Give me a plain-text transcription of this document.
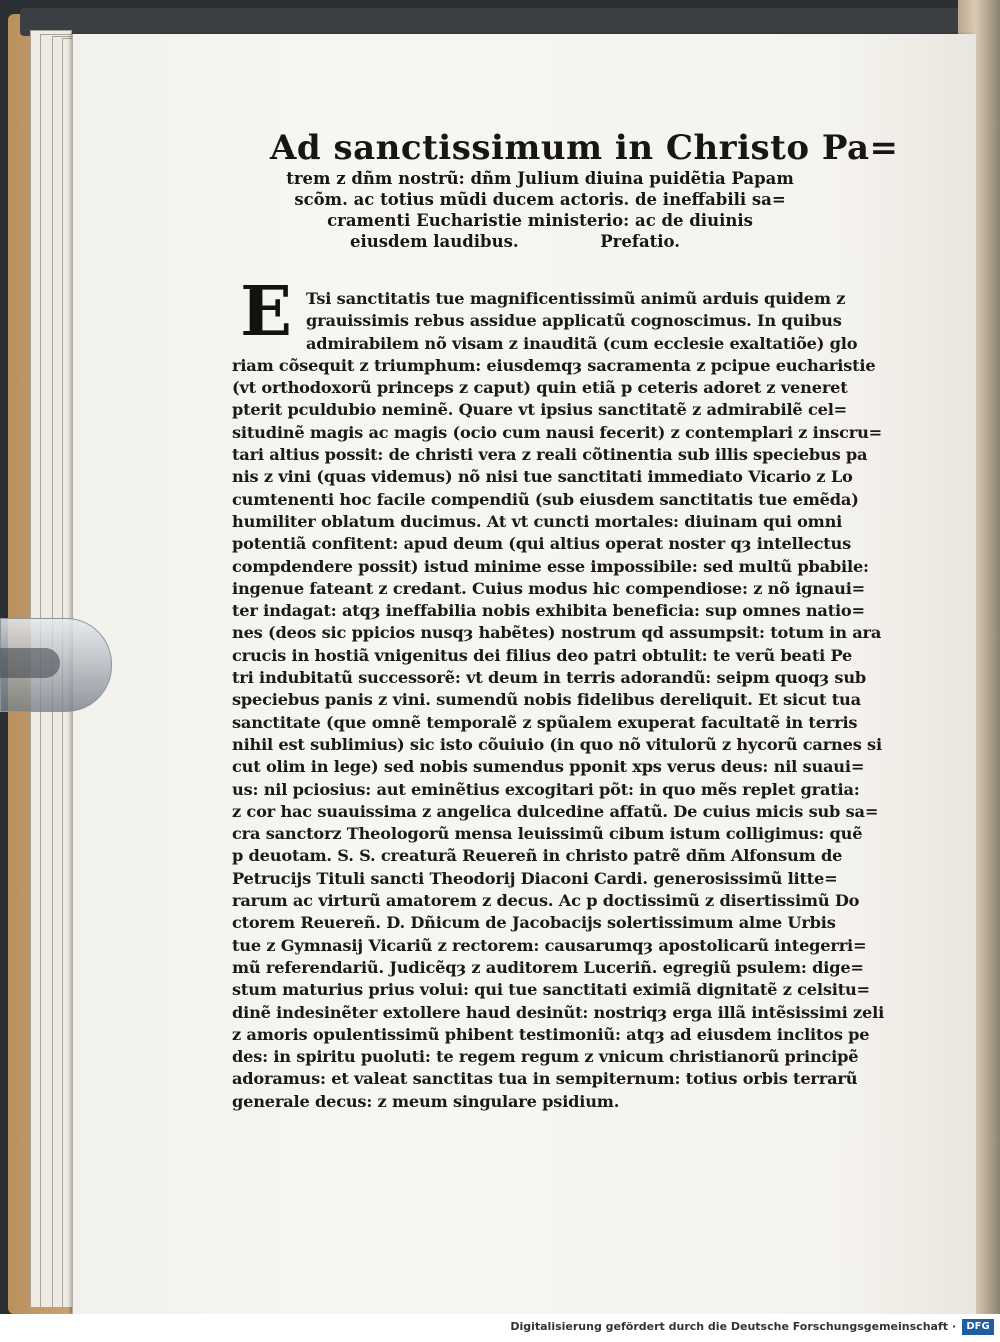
Ad sanctissimum in Christo Pa=
trem z dñm nostrũ: dñm Julium diuina puidẽtia Papam
scõm. ac totius mũdi ducem actoris. de ineffabili sa=
cramenti Eucharistie ministerio: ac de diuinis
eiusdem laudibus.	Prefatio.
E Tsi sanctitatis tue magnificentissimũ animũ arduis quidem z
grauissimis rebus assidue applicatũ cognoscimus. In quibus
admirabilem nõ visam z inauditã (cum ecclesie exaltatiõe) glo
riam cõsequit z triumphum: eiusdemqȝ sacramenta z pcipue eucharistie
(vt orthodoxorũ princeps z caput) quin etiã p ceteris adoret z veneret
pterit pculdubio neminẽ. Quare vt ipsius sanctitatẽ z admirabilẽ cel=
situdinẽ magis ac magis (ocio cum nausi fecerit) z contemplari z inscru=
tari altius possit: de christi vera z reali cõtinentia sub illis speciebus pa
nis z vini (quas videmus) nõ nisi tue sanctitati immediato Vicario z Lo
cumtenenti hoc facile compendiũ (sub eiusdem sanctitatis tue emẽda)
humiliter oblatum ducimus. At vt cuncti mortales: diuinam qui omni
potentiã confitent: apud deum (qui altius operat noster qȝ intellectus
compdendere possit) istud minime esse impossibile: sed multũ pbabile:
ingenue fateant z credant. Cuius modus hic compendiose: z nõ ignaui=
ter indagat: atqȝ ineffabilia nobis exhibita beneficia: sup omnes natio=
nes (deos sic ppicios nusqȝ habẽtes) nostrum qd assumpsit: totum in ara
crucis in hostiã vnigenitus dei filius deo patri obtulit: te verũ beati Pe
tri indubitatũ successorẽ: vt deum in terris adorandũ: seipm quoqȝ sub
speciebus panis z vini. sumendũ nobis fidelibus dereliquit. Et sicut tua
sanctitate (que omnẽ temporalẽ z spũalem exuperat facultatẽ in terris
nihil est sublimius) sic isto cõuiuio (in quo nõ vitulorũ z hycorũ carnes si
cut olim in lege) sed nobis sumendus pponit xps verus deus: nil suaui=
us: nil pciosius: aut eminẽtius excogitari põt: in quo mẽs replet gratia:
z cor hac suauissima z angelica dulcedine affatũ. De cuius micis sub sa=
cra sanctorz Theologorũ mensa leuissimũ cibum istum colligimus: quẽ
p deuotam. S. S. creaturã Reuereñ in christo patrẽ dñm Alfonsum de
Petrucijs Tituli sancti Theodorij Diaconi Cardi. generosissimũ litte=
rarum ac virturũ amatorem z decus. Ac p doctissimũ z disertissimũ Do
ctorem Reuereñ. D. Dñicum de Jacobacijs solertissimum alme Urbis
tue z Gymnasij Vicariũ z rectorem: causarumqȝ apostolicarũ integerri=
mũ referendariũ. Judicẽqȝ z auditorem Luceriñ. egregiũ psulem: dige=
stum maturius prius volui: qui tue sanctitati eximiã dignitatẽ z celsitu=
dinẽ indesinẽter extollere haud desinũt: nostriqȝ erga illã intẽsissimi zeli
z amoris opulentissimũ phibent testimoniũ: atqȝ ad eiusdem inclitos pe
des: in spiritu puoluti: te regem regum z vnicum christianorũ principẽ
adoramus: et valeat sanctitas tua in sempiternum: totius orbis terrarũ
generale decus: z meum singulare psidium.
Digitalisierung gefördert durch die Deutsche Forschungsgemeinschaft ·	DFG
